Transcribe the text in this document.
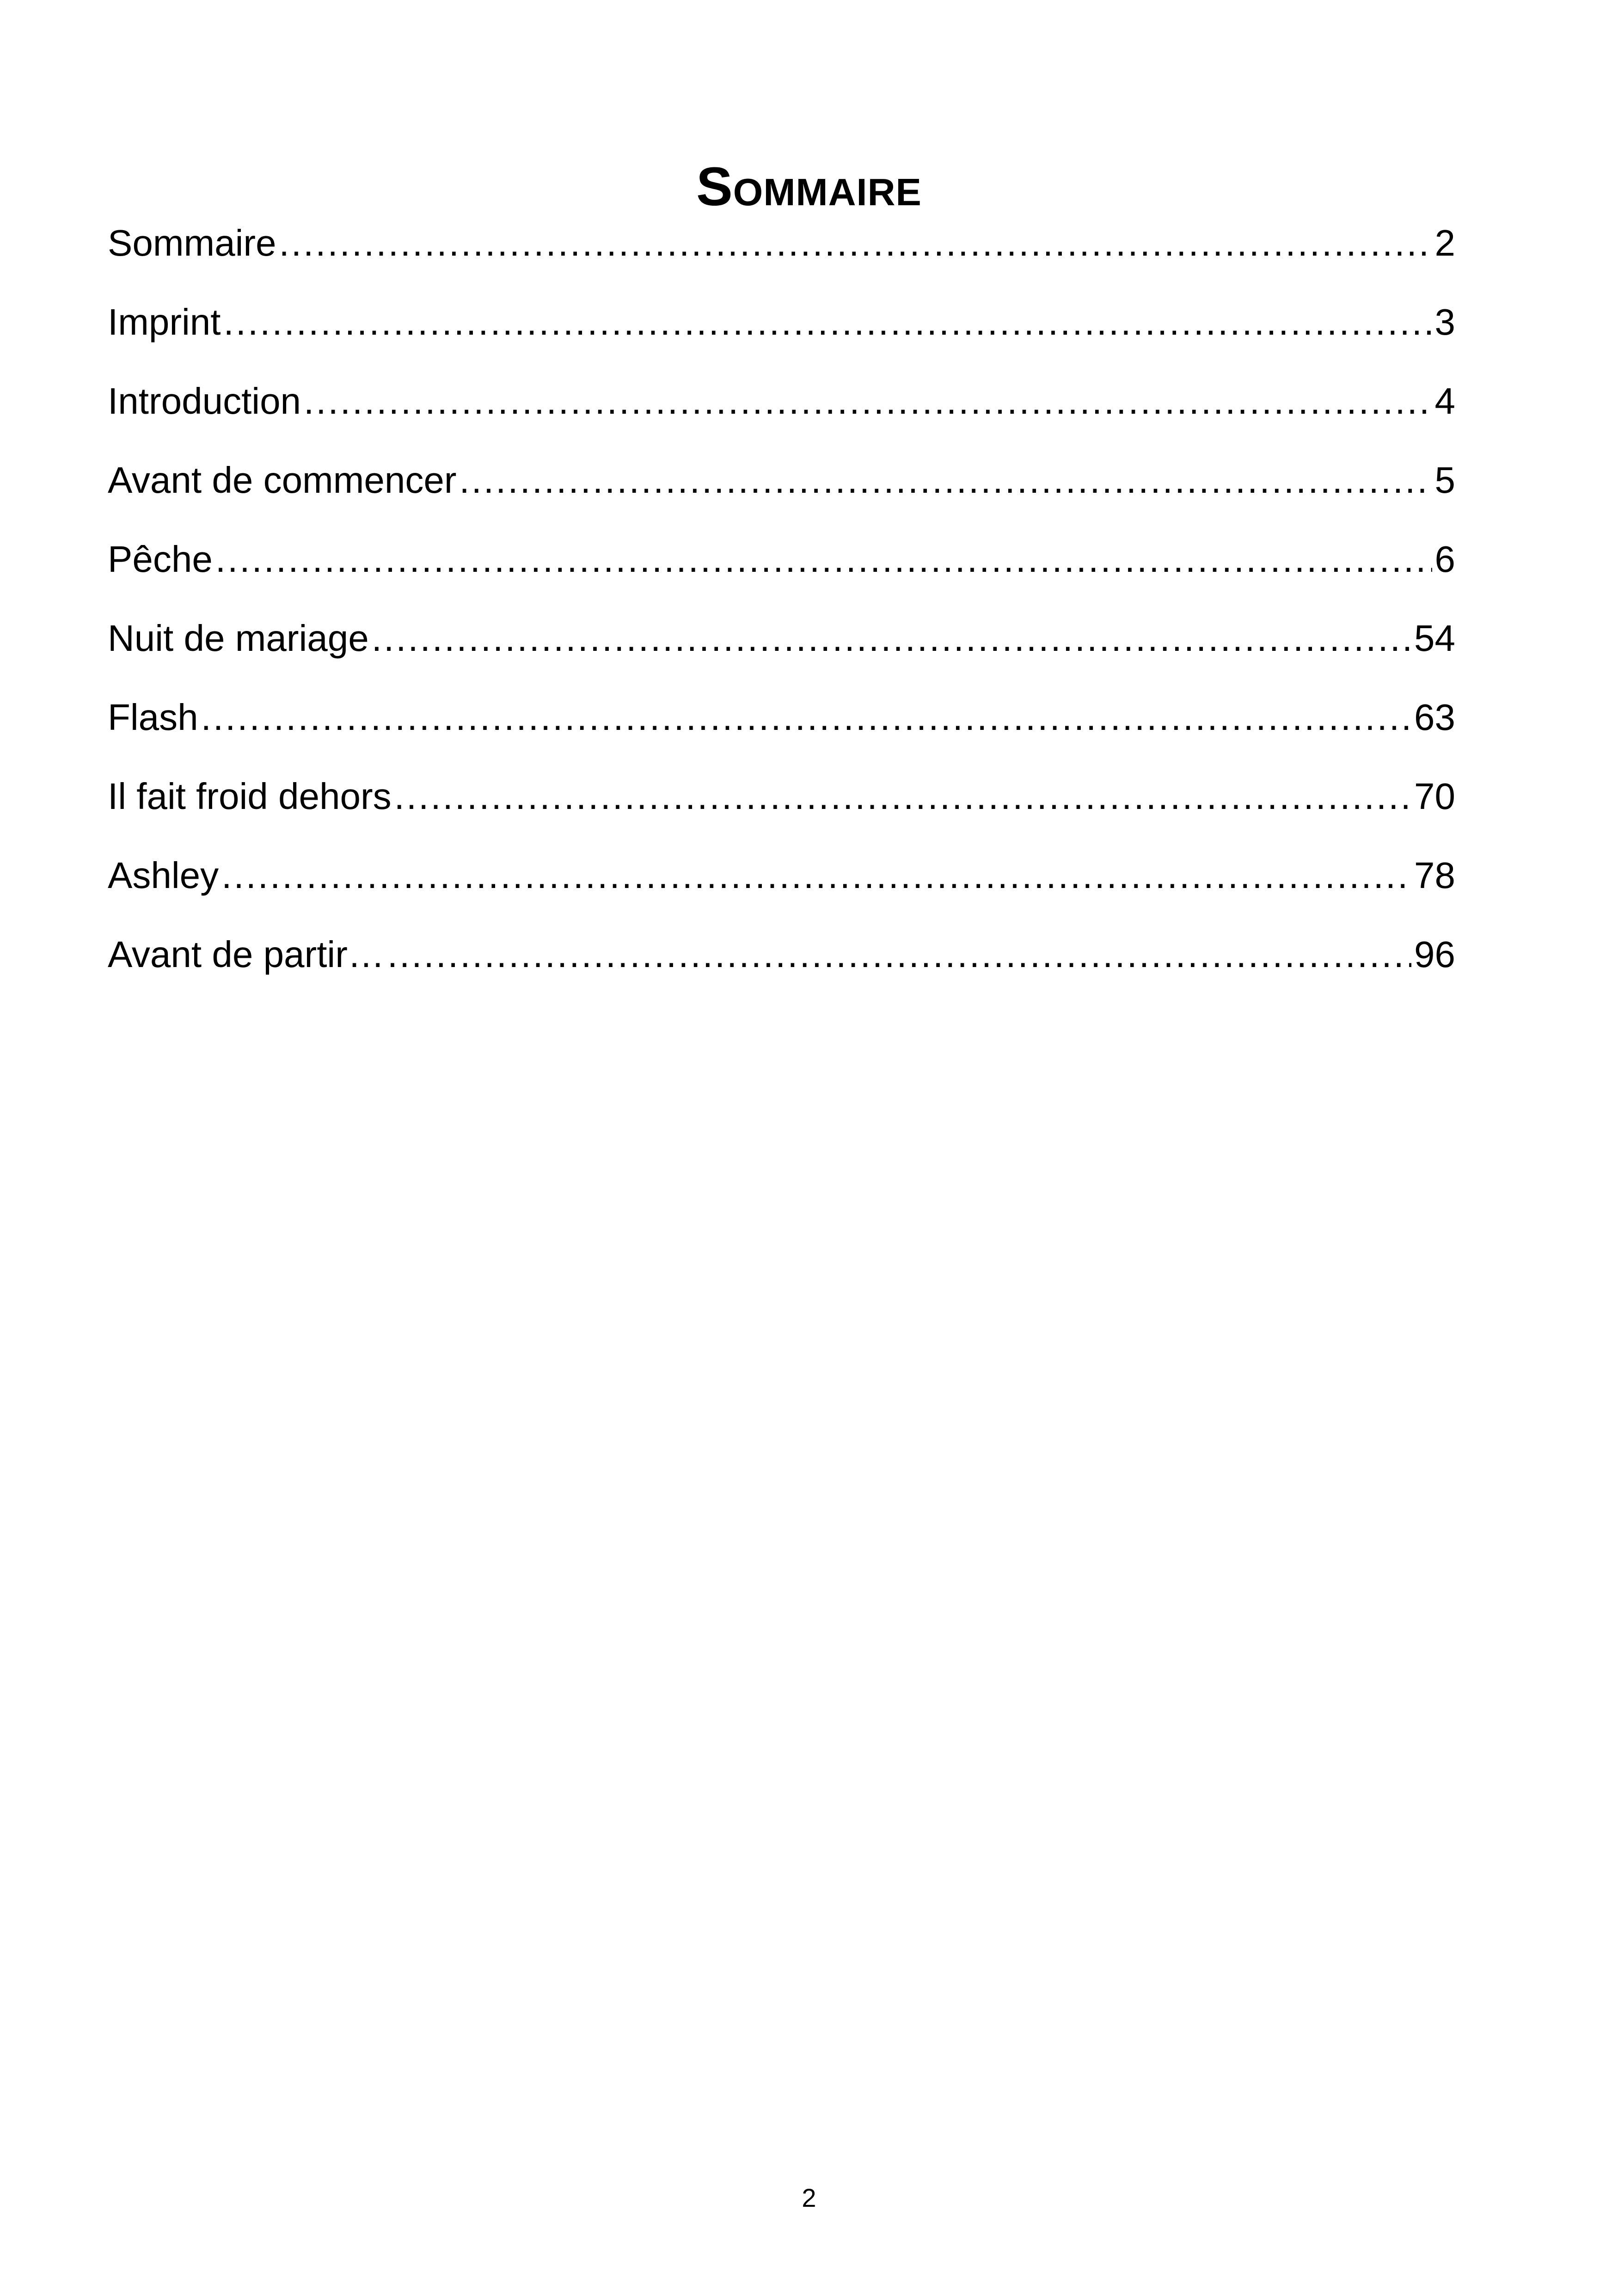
Sommaire
Sommaire .....	2
Imprint .....	3
Introduction .....	4
Avant de commencer .....	5
Pêche .....	6
Nuit de mariage .....	54
Flash .....	63
Il fait froid dehors .....	70
Ashley .....	78
Avant de partir… .....	96
2
